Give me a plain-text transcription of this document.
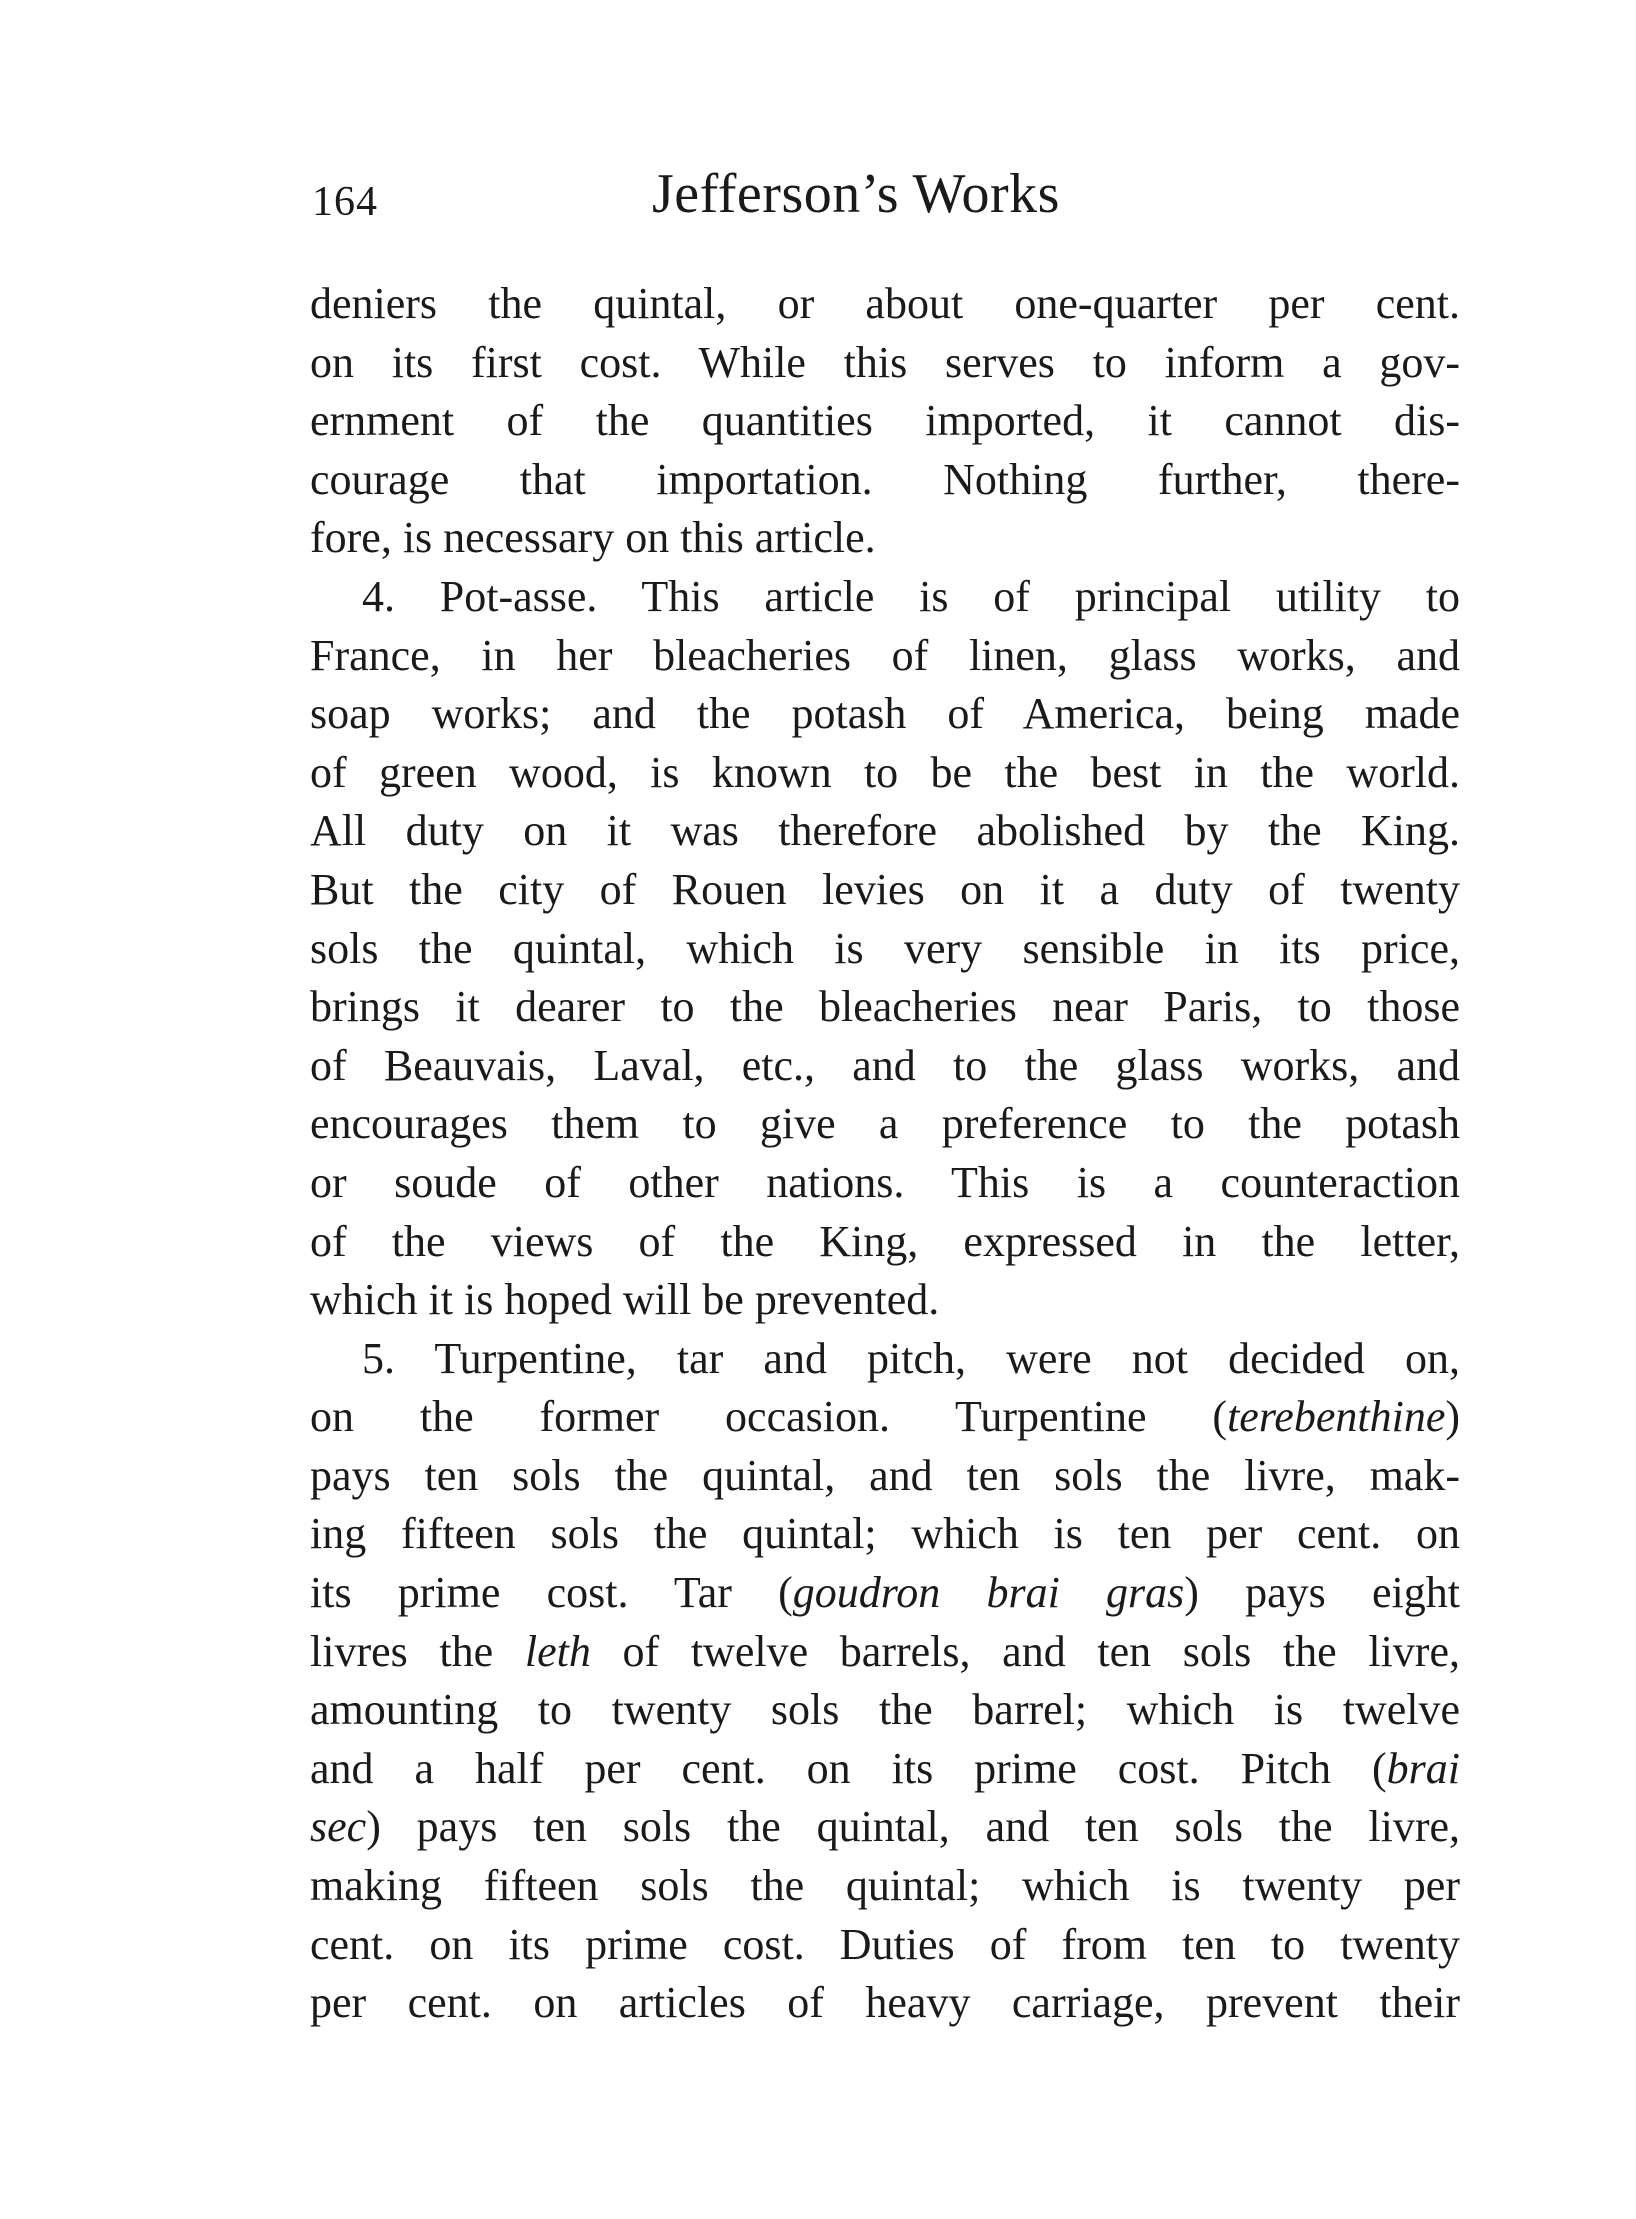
164	Jefferson’s Works
deniers the quintal, or about one-quarter per cent.
on its first cost. While this serves to inform a gov-
ernment of the quantities imported, it cannot dis-
courage that importation. Nothing further, there-
fore, is necessary on this article.
4. Pot-asse. This article is of principal utility to
France, in her bleacheries of linen, glass works, and
soap works; and the potash of America, being made
of green wood, is known to be the best in the world.
All duty on it was therefore abolished by the King.
But the city of Rouen levies on it a duty of twenty
sols the quintal, which is very sensible in its price,
brings it dearer to the bleacheries near Paris, to those
of Beauvais, Laval, etc., and to the glass works, and
encourages them to give a preference to the potash
or soude of other nations. This is a counteraction
of the views of the King, expressed in the letter,
which it is hoped will be prevented.
5. Turpentine, tar and pitch, were not decided on,
on the former occasion. Turpentine (terebenthine)
pays ten sols the quintal, and ten sols the livre, mak-
ing fifteen sols the quintal; which is ten per cent. on
its prime cost. Tar (goudron brai gras) pays eight
livres the leth of twelve barrels, and ten sols the livre,
amounting to twenty sols the barrel; which is twelve
and a half per cent. on its prime cost. Pitch (brai
sec) pays ten sols the quintal, and ten sols the livre,
making fifteen sols the quintal; which is twenty per
cent. on its prime cost. Duties of from ten to twenty
per cent. on articles of heavy carriage, prevent their
